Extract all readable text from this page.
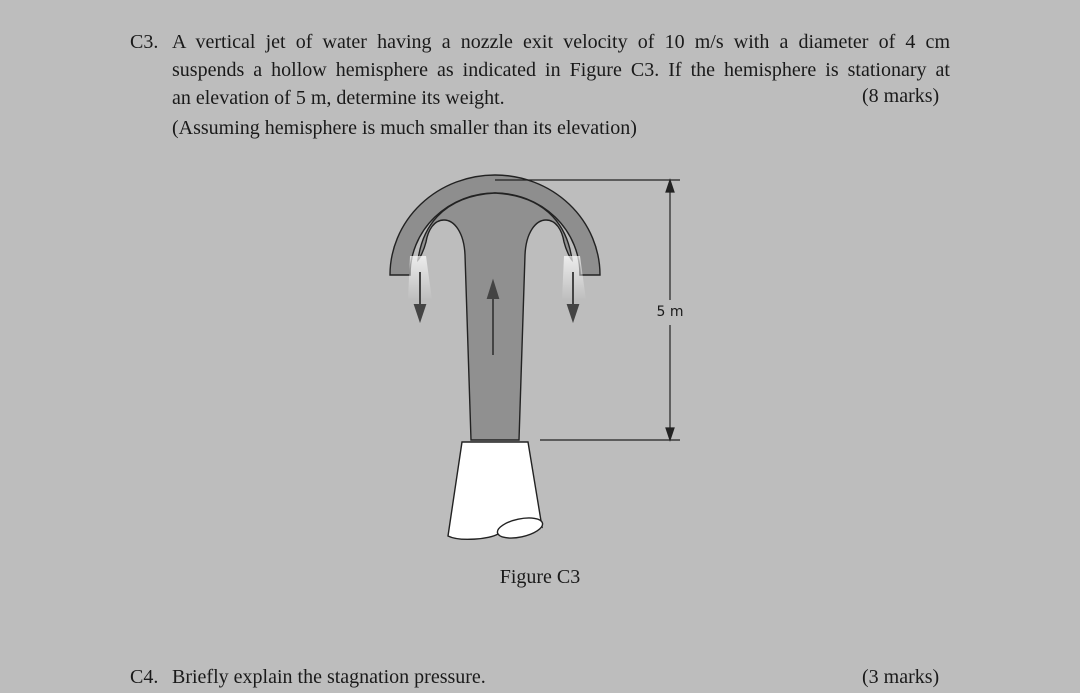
C3. A vertical jet of water having a nozzle exit velocity of 10 m/s with a diameter of 4 cm
suspends a hollow hemisphere as indicated in Figure C3. If the hemisphere is stationary at
an elevation of 5 m, determine its weight.	(8 marks)
(Assuming hemisphere is much smaller than its elevation)
5 m
Figure C3
C4. Briefly explain the stagnation pressure.	(3 marks)
